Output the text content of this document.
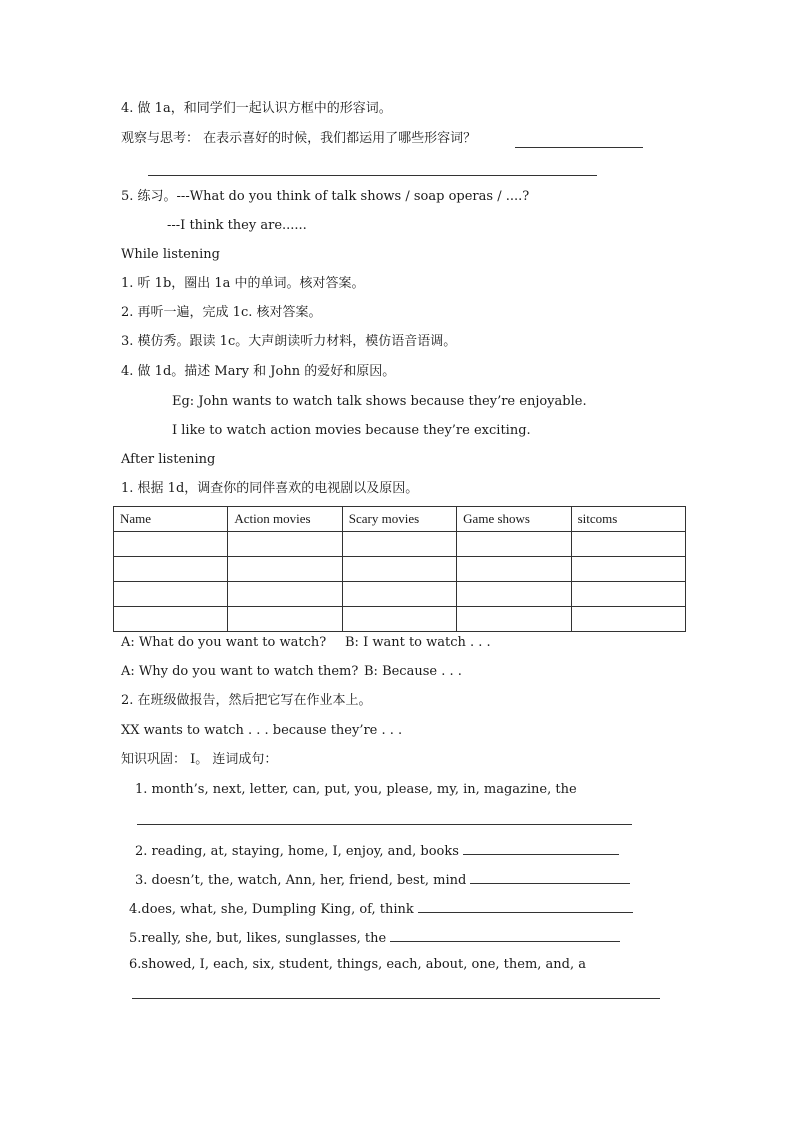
4. 做 1a，和同学们一起认识方框中的形容词。
观察与思考： 在表示喜好的时候，我们都运用了哪些形容词？
5. 练习。---What do you think of talk shows / soap operas / ....?
---I think they are......
While listening
1. 听 1b，圈出 1a 中的单词。核对答案。
2. 再听一遍，完成 1c. 核对答案。
3. 模仿秀。跟读 1c。大声朗读听力材料，模仿语音语调。
4. 做 1d。描述 Mary 和 John 的爱好和原因。
Eg: John wants to watch talk shows because they’re enjoyable.
I like to watch action movies because they’re exciting.
After listening
1. 根据 1d，调查你的同伴喜欢的电视剧以及原因。
Name	Action movies	Scary movies	Game shows	sitcoms

A: What do you want to watch? B: I want to watch . . .
A: Why do you want to watch them? B: Because . . .
2. 在班级做报告，然后把它写在作业本上。
XX wants to watch . . . because they’re . . .
知识巩固： I。 连词成句：
1. month’s, next, letter, can, put, you, please, my, in, magazine, the
2. reading, at, staying, home, I, enjoy, and, books
3. doesn’t, the, watch, Ann, her, friend, best, mind
4.does, what, she, Dumpling King, of, think
5.really, she, but, likes, sunglasses, the
6.showed, I, each, six, student, things, each, about, one, them, and, a
